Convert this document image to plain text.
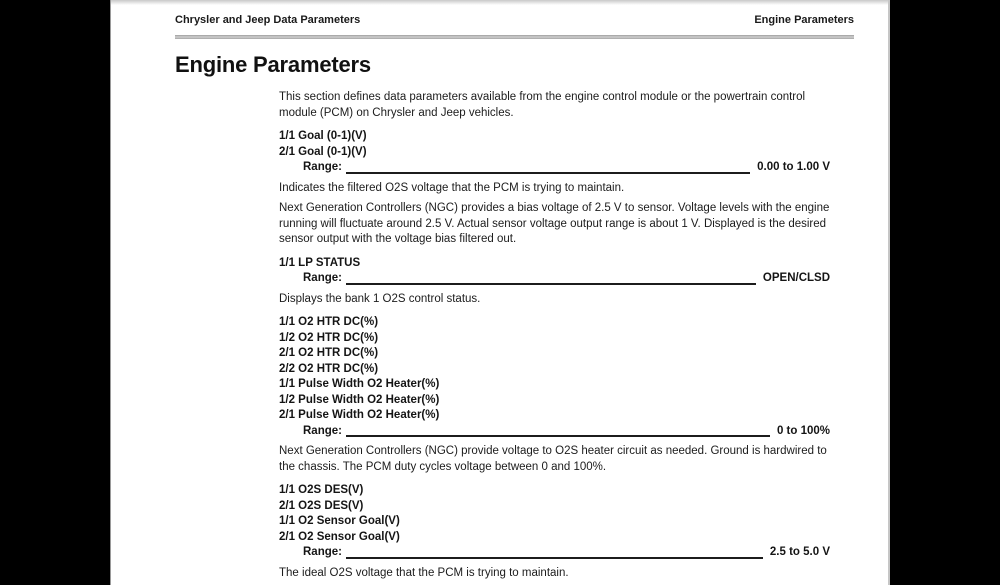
Chrysler and Jeep Data Parameters	Engine Parameters
Engine Parameters

This section defines data parameters available from the engine control module or the powertrain control module (PCM) on Chrysler and Jeep vehicles.

1/1 Goal (0-1)(V)
2/1 Goal (0-1)(V)
Range:	0.00 to 1.00 V

Indicates the filtered O2S voltage that the PCM is trying to maintain.

Next Generation Controllers (NGC) provides a bias voltage of 2.5 V to sensor. Voltage levels with the engine running will fluctuate around 2.5 V. Actual sensor voltage output range is about 1 V. Displayed is the desired sensor output with the voltage bias filtered out.

1/1 LP STATUS
Range:	OPEN/CLSD

Displays the bank 1 O2S control status.

1/1 O2 HTR DC(%)
1/2 O2 HTR DC(%)
2/1 O2 HTR DC(%)
2/2 O2 HTR DC(%)
1/1 Pulse Width O2 Heater(%)
1/2 Pulse Width O2 Heater(%)
2/1 Pulse Width O2 Heater(%)
Range:	0 to 100%

Next Generation Controllers (NGC) provide voltage to O2S heater circuit as needed. Ground is hardwired to the chassis. The PCM duty cycles voltage between 0 and 100%.

1/1 O2S DES(V)
2/1 O2S DES(V)
1/1 O2 Sensor Goal(V)
2/1 O2 Sensor Goal(V)
Range:	2.5 to 5.0 V

The ideal O2S voltage that the PCM is trying to maintain.
